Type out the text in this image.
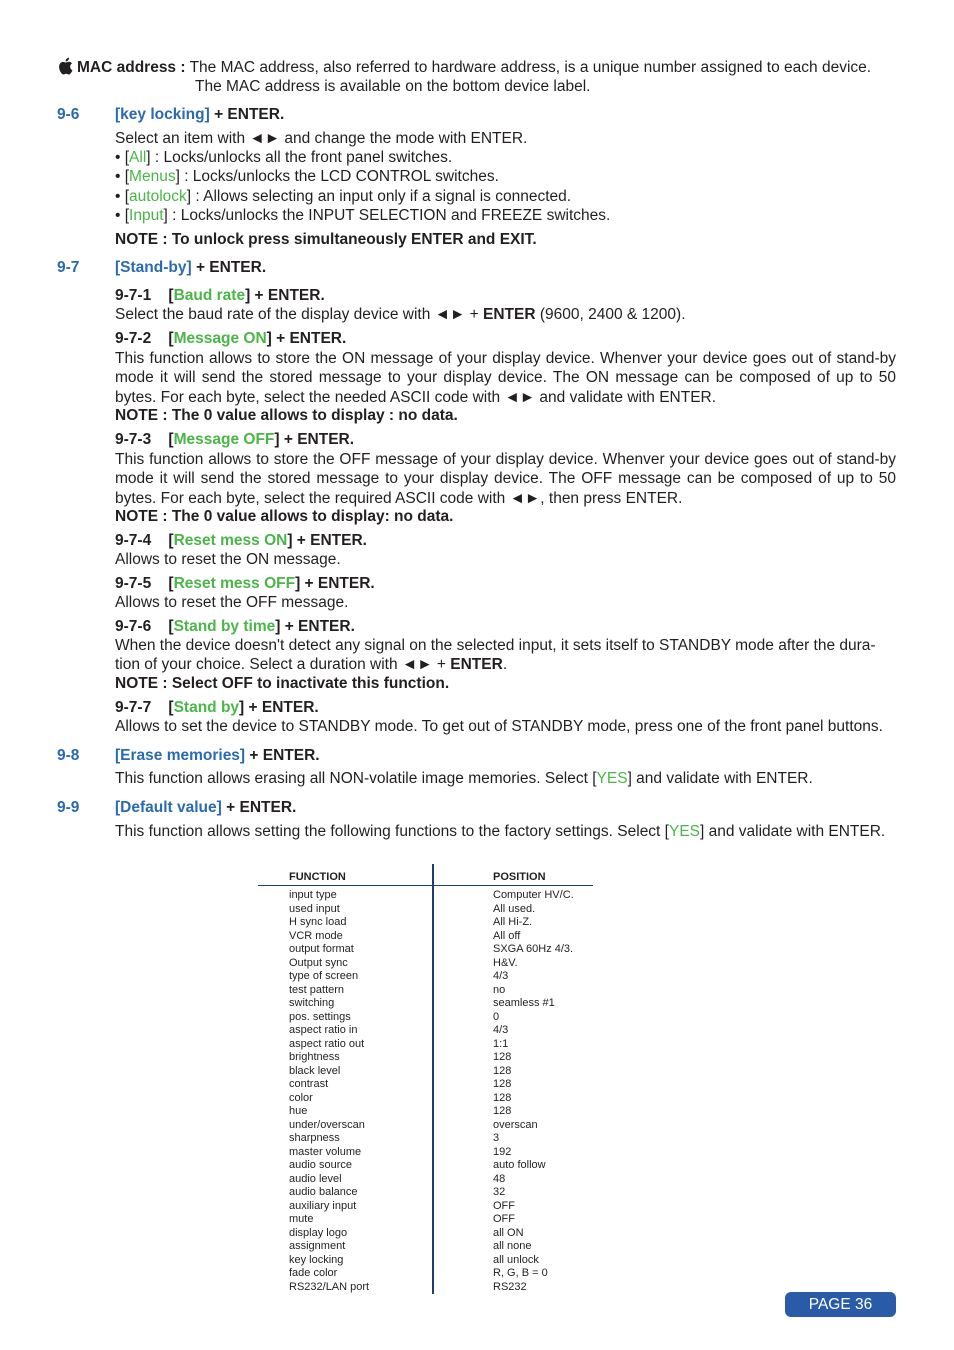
MAC address : The MAC address, also referred to hardware address, is a unique number assigned to each device.
The MAC address is available on the bottom device label.
9-6 [key locking] + ENTER.
Select an item with ◄► and change the mode with ENTER.
• [All] : Locks/unlocks all the front panel switches.
• [Menus] : Locks/unlocks the LCD CONTROL switches.
• [autolock] : Allows selecting an input only if a signal is connected.
• [Input] : Locks/unlocks the INPUT SELECTION and FREEZE switches.
NOTE : To unlock press simultaneously ENTER and EXIT.
9-7 [Stand-by] + ENTER.
9-7-1 [Baud rate] + ENTER.
Select the baud rate of the display device with ◄► + ENTER (9600, 2400 & 1200).
9-7-2 [Message ON] + ENTER.

This function allows to store the ON message of your display device. Whenver your device goes out of stand-by mode it will send the stored message to your display device. The ON message can be composed of up to 50 bytes. For each byte, select the needed ASCII code with ◄► and validate with ENTER.

NOTE : The 0 value allows to display : no data.
9-7-3 [Message OFF] + ENTER.

This function allows to store the OFF message of your display device. Whenver your device goes out of stand-by mode it will send the stored message to your display device. The OFF message can be composed of up to 50 bytes. For each byte, select the required ASCII code with ◄►, then press ENTER.

NOTE : The 0 value allows to display: no data.
9-7-4 [Reset mess ON] + ENTER.
Allows to reset the ON message.
9-7-5 [Reset mess OFF] + ENTER.
Allows to reset the OFF message.
9-7-6 [Stand by time] + ENTER.
When the device doesn't detect any signal on the selected input, it sets itself to STANDBY mode after the dura-
tion of your choice. Select a duration with ◄► + ENTER.
NOTE : Select OFF to inactivate this function.
9-7-7 [Stand by] + ENTER.
Allows to set the device to STANDBY mode. To get out of STANDBY mode, press one of the front panel buttons.
9-8 [Erase memories] + ENTER.
This function allows erasing all NON-volatile image memories. Select [YES] and validate with ENTER.
9-9 [Default value] + ENTER.
This function allows setting the following functions to the factory settings. Select [YES] and validate with ENTER.
FUNCTION	POSITION
input type	Computer HV/C.
used input	All used.
H sync load	All Hi-Z.
VCR mode	All off
output format	SXGA 60Hz 4/3.
Output sync	H&V.
type of screen	4/3
test pattern	no
switching	seamless #1
pos. settings	0
aspect ratio in	4/3
aspect ratio out	1:1
brightness	128
black level	128
contrast	128
color	128
hue	128
under/overscan	overscan
sharpness	3
master volume	192
audio source	auto follow
audio level	48
audio balance	32
auxiliary input	OFF
mute	OFF
display logo	all ON
assignment	all none
key locking	all unlock
fade color	R, G, B = 0
RS232/LAN port	RS232
PAGE 36
